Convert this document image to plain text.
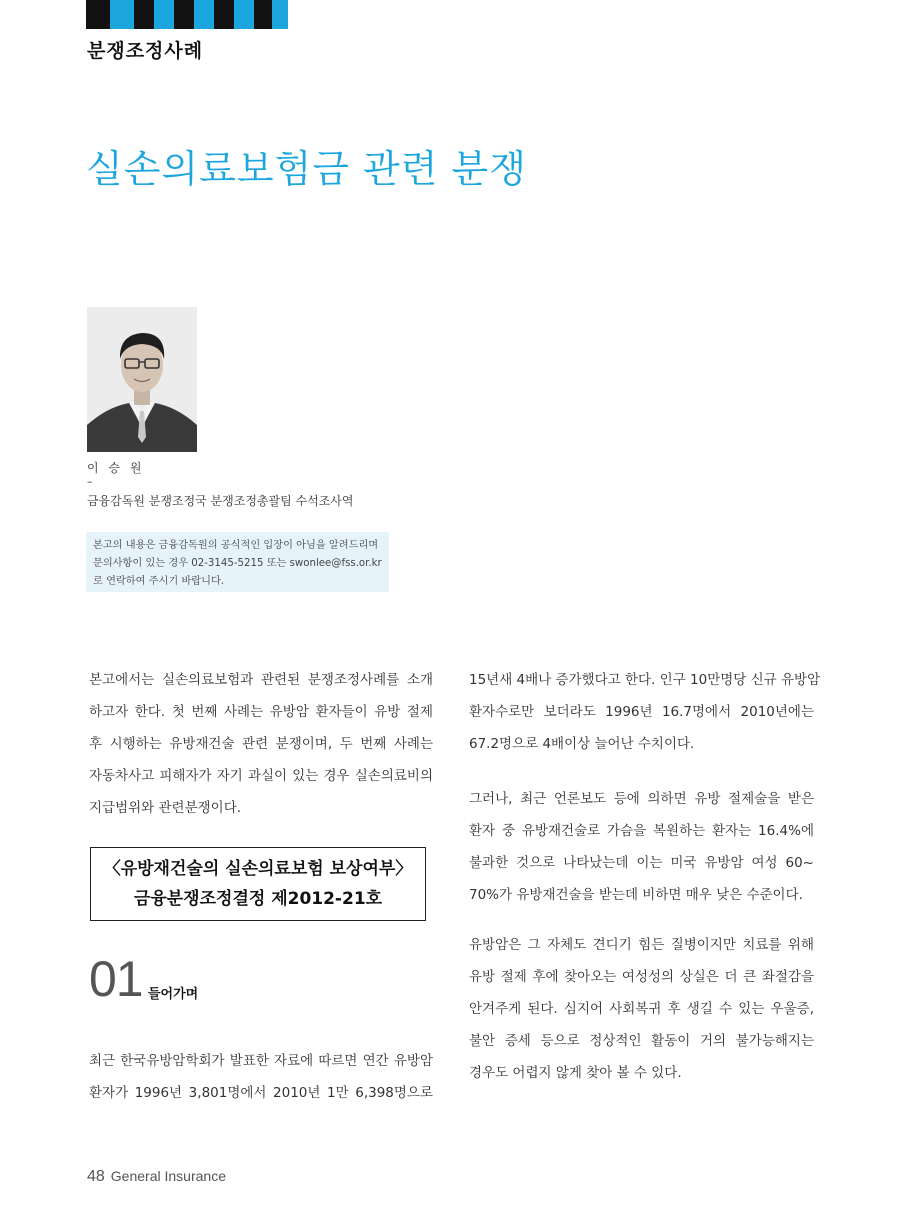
분쟁조정사례
실손의료보험금 관련 분쟁
이 승 원
–
금융감독원 분쟁조정국 분쟁조정총괄팀 수석조사역
본고의 내용은 금융감독원의 공식적인 입장이 아님을 알려드리며
문의사항이 있는 경우 02-3145-5215 또는 swonlee@fss.or.kr
로 연락하여 주시기 바랍니다.
본고에서는 실손의료보험과 관련된 분쟁조정사례를 소개
하고자 한다. 첫 번째 사례는 유방암 환자들이 유방 절제
후 시행하는 유방재건술 관련 분쟁이며, 두 번째 사례는
자동차사고 피해자가 자기 과실이 있는 경우 실손의료비의
지급범위와 관련분쟁이다.
〈유방재건술의 실손의료보험 보상여부〉
금융분쟁조정결정 제2012-21호
01 들어가며
최근 한국유방암학회가 발표한 자료에 따르면 연간 유방암
환자가 1996년 3,801명에서 2010년 1만 6,398명으로
15년새 4배나 증가했다고 한다. 인구 10만명당 신규 유방암
환자수로만 보더라도 1996년 16.7명에서 2010년에는
67.2명으로 4배이상 늘어난 수치이다.
그러나, 최근 언론보도 등에 의하면 유방 절제술을 받은
환자 중 유방재건술로 가슴을 복원하는 환자는 16.4%에
불과한 것으로 나타났는데 이는 미국 유방암 여성 60~
70%가 유방재건술을 받는데 비하면 매우 낮은 수준이다.
유방암은 그 자체도 견디기 힘든 질병이지만 치료를 위해
유방 절제 후에 찾아오는 여성성의 상실은 더 큰 좌절감을
안겨주게 된다. 심지어 사회복귀 후 생길 수 있는 우울증,
불안 증세 등으로 정상적인 활동이 거의 불가능해지는
경우도 어렵지 않게 찾아 볼 수 있다.
48 General Insurance
